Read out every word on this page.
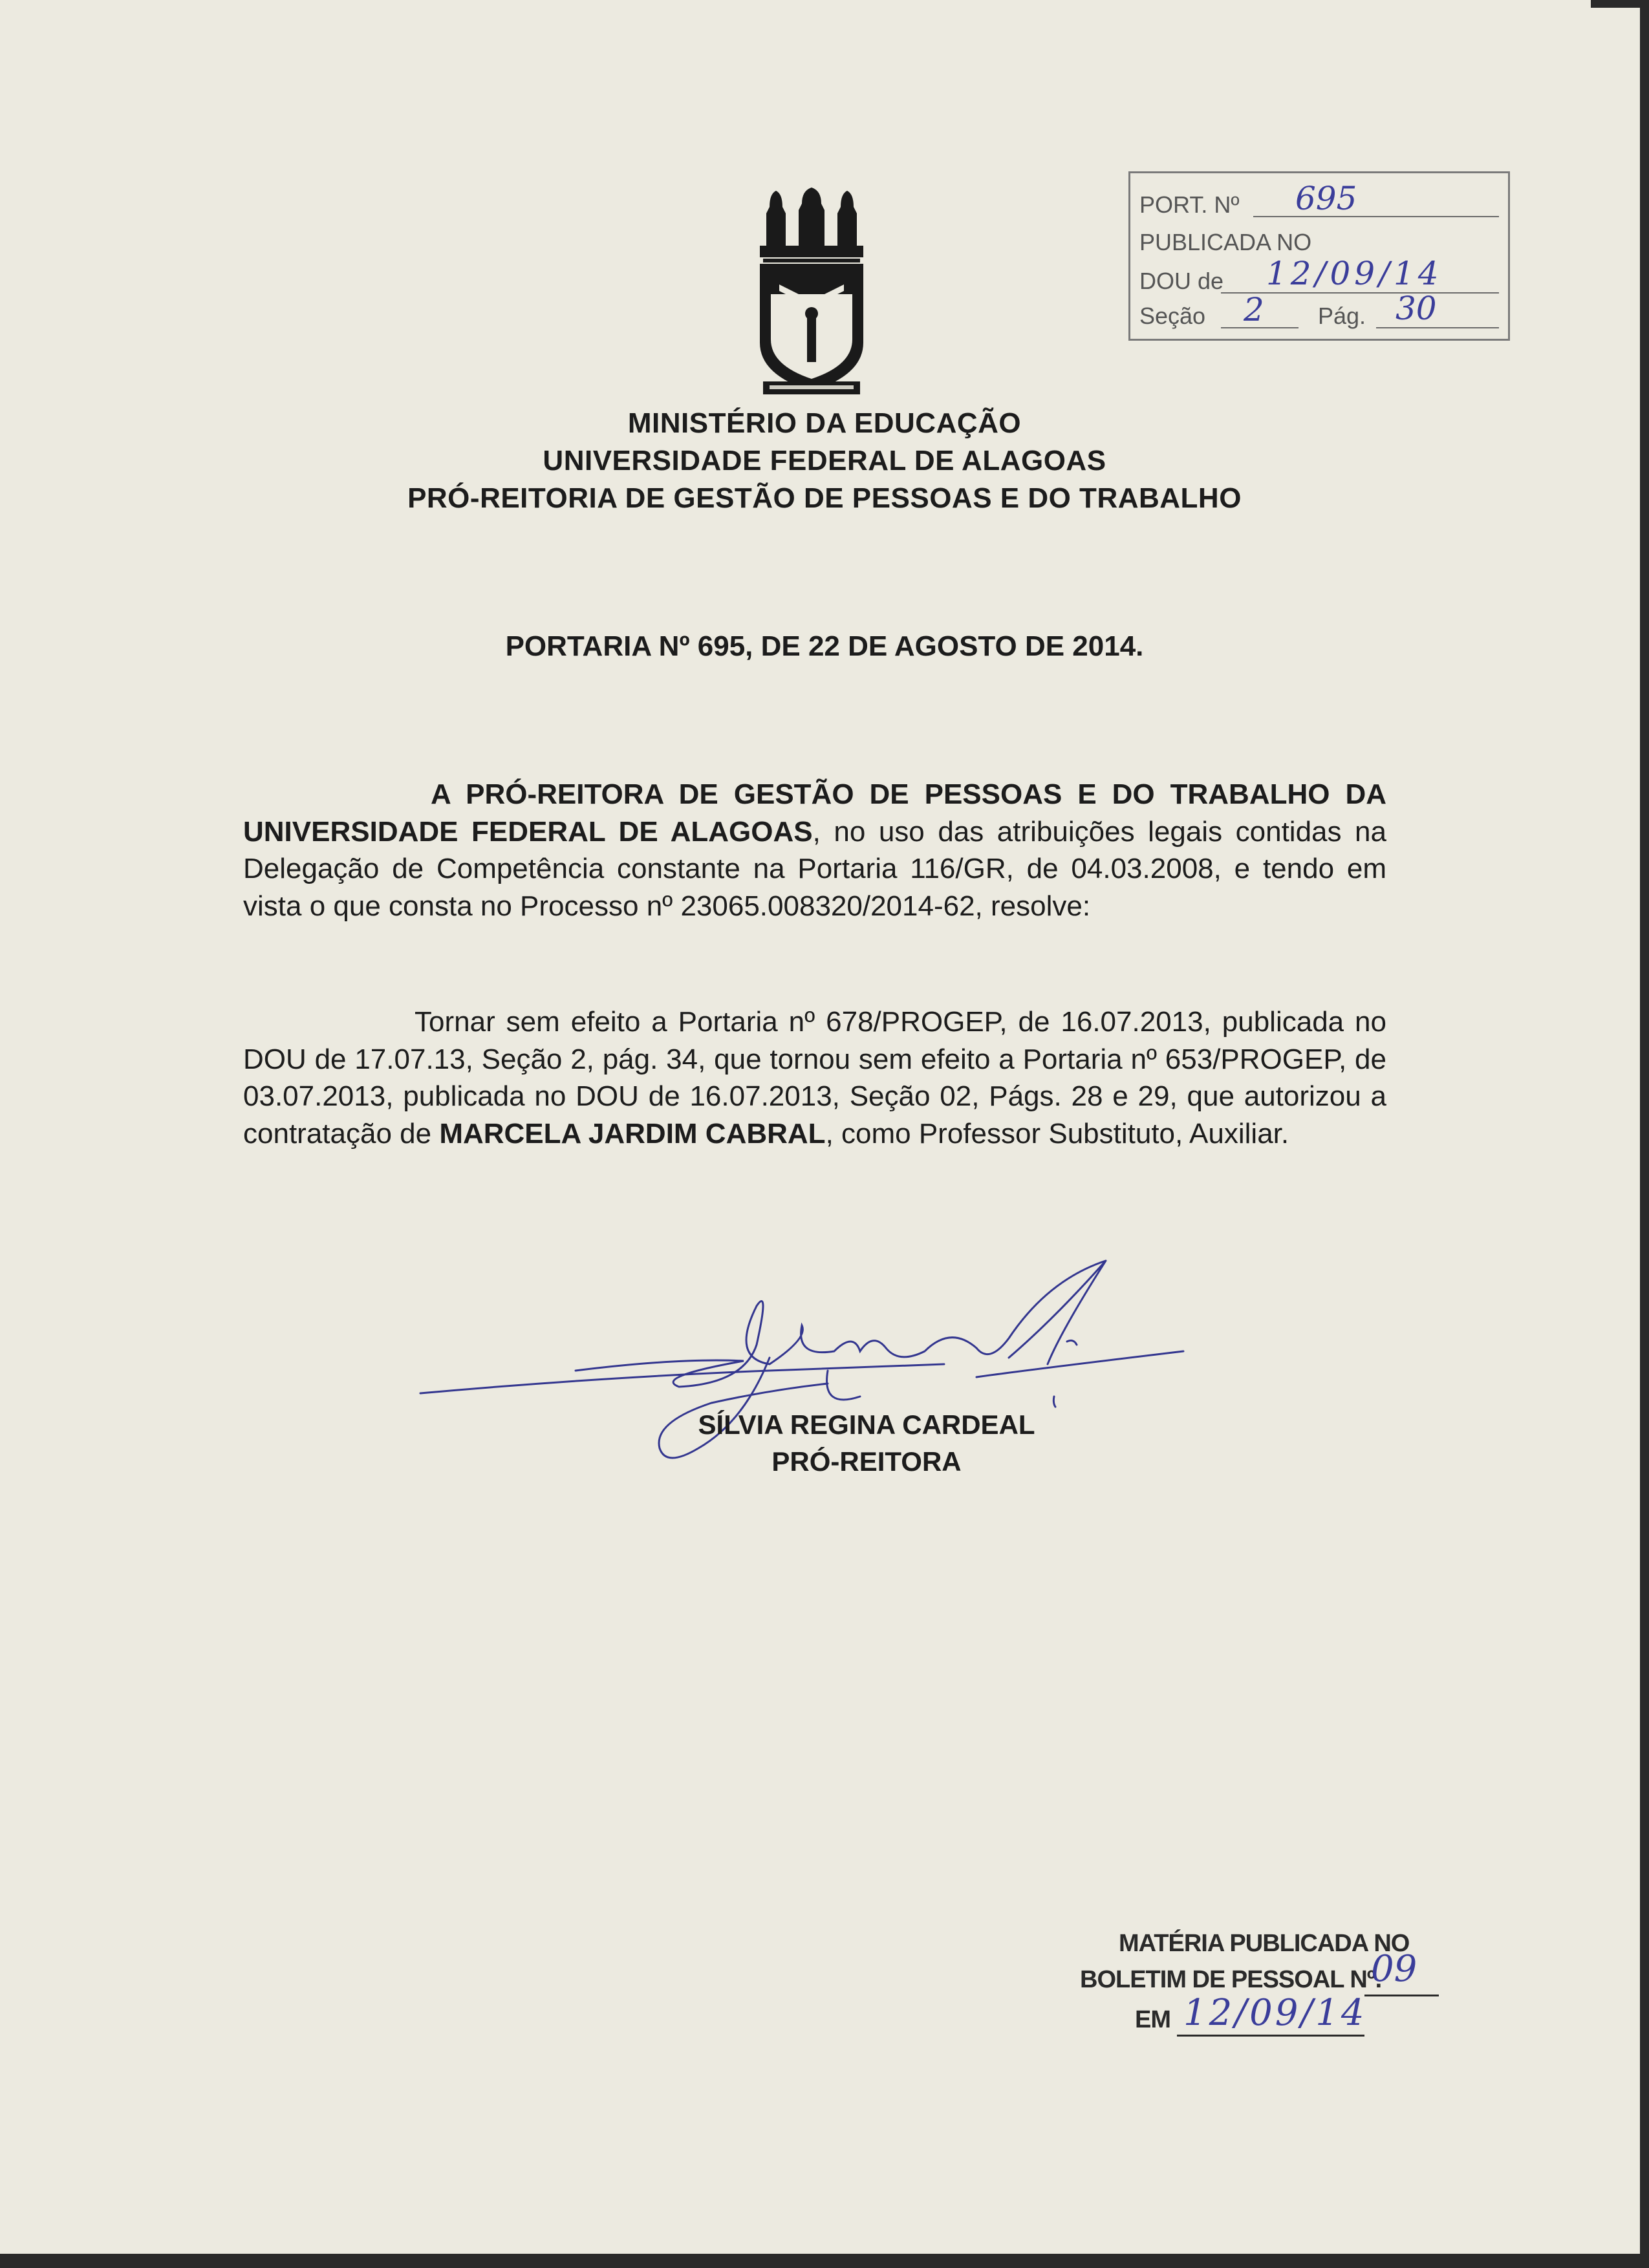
PORT. Nº 695
PUBLICADA NO
DOU de 12/09/14
Seção 2 Pág. 30
MINISTÉRIO DA EDUCAÇÃO
UNIVERSIDADE FEDERAL DE ALAGOAS
PRÓ-REITORIA DE GESTÃO DE PESSOAS E DO TRABALHO
PORTARIA Nº 695, DE 22 DE AGOSTO DE 2014.
A PRÓ-REITORA DE GESTÃO DE PESSOAS E DO TRABALHO DA UNIVERSIDADE FEDERAL DE ALAGOAS, no uso das atribuições legais contidas na Delegação de Competência constante na Portaria 116/GR, de 04.03.2008, e tendo em vista o que consta no Processo nº 23065.008320/2014-62, resolve:
Tornar sem efeito a Portaria nº 678/PROGEP, de 16.07.2013, publicada no DOU de 17.07.13, Seção 2, pág. 34, que tornou sem efeito a Portaria nº 653/PROGEP, de 03.07.2013, publicada no DOU de 16.07.2013, Seção 02, Págs. 28 e 29, que autorizou a contratação de MARCELA JARDIM CABRAL, como Professor Substituto, Auxiliar.
SÍLVIA REGINA CARDEAL
PRÓ-REITORA
MATÉRIA PUBLICADA NO
BOLETIM DE PESSOAL Nº.
09
EM 12/09/14
